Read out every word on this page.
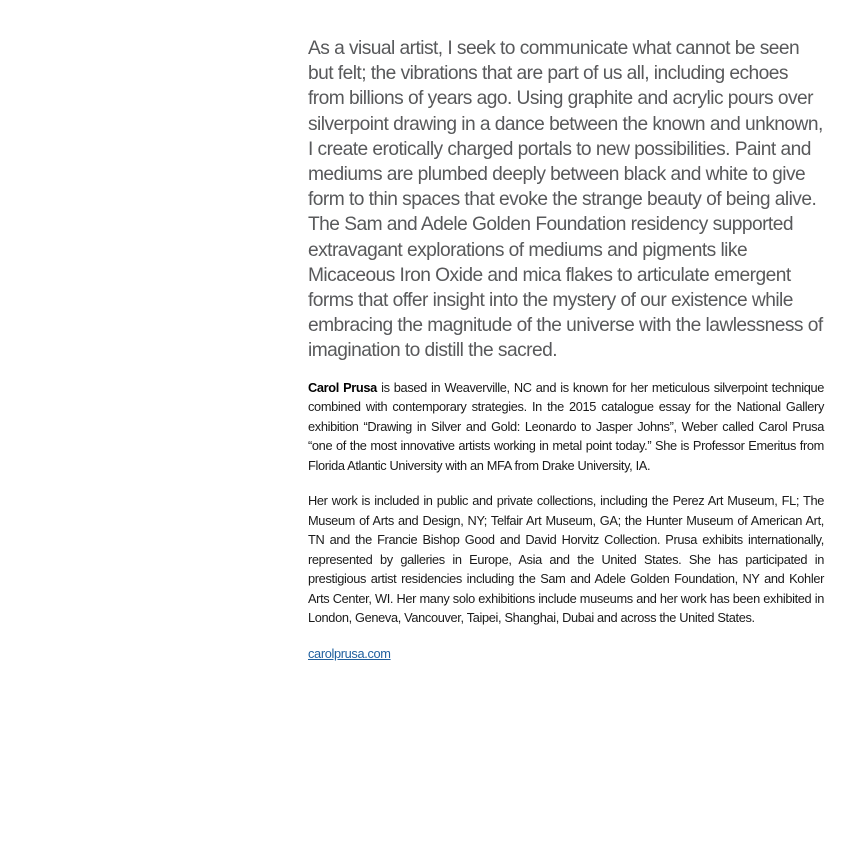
As a visual artist, I seek to communicate what cannot be seen but felt; the vibrations that are part of us all, including echoes from billions of years ago. Using graphite and acrylic pours over silverpoint drawing in a dance between the known and unknown, I create erotically charged portals to new possibilities. Paint and mediums are plumbed deeply between black and white to give form to thin spaces that evoke the strange beauty of being alive. The Sam and Adele Golden Foundation residency supported extravagant explorations of mediums and pigments like Micaceous Iron Oxide and mica flakes to articulate emergent forms that offer insight into the mystery of our existence while embracing the magnitude of the universe with the lawlessness of imagination to distill the sacred.

Carol Prusa is based in Weaverville, NC and is known for her meticulous silverpoint technique combined with contemporary strategies. In the 2015 catalogue essay for the National Gallery exhibition “Drawing in Silver and Gold: Leonardo to Jasper Johns”, Weber called Carol Prusa “one of the most innovative artists working in metal point today.” She is Professor Emeritus from Florida Atlantic University with an MFA from Drake University, IA.

Her work is included in public and private collections, including the Perez Art Museum, FL; The Museum of Arts and Design, NY; Telfair Art Museum, GA; the Hunter Museum of American Art, TN and the Francie Bishop Good and David Horvitz Collection. Prusa exhibits internationally, represented by galleries in Europe, Asia and the United States. She has participated in prestigious artist residencies including the Sam and Adele Golden Foundation, NY and Kohler Arts Center, WI. Her many solo exhibitions include museums and her work has been exhibited in London, Geneva, Vancouver, Taipei, Shanghai, Dubai and across the United States.

carolprusa.com
